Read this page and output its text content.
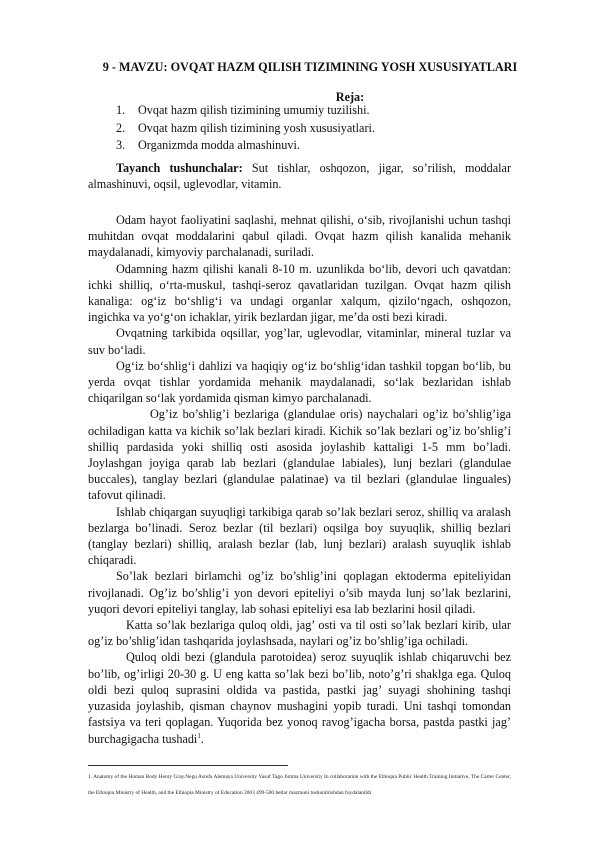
9 - MAVZU: OVQAT HAZM QILISH TIZIMINING YOSH XUSUSIYATLARI
Reja:
1. Ovqat hazm qilish tizimining umumiy tuzilishi.
2. Ovqat hazm qilish tizimining yosh xususiyatlari.
3. Organizmda modda almashinuvi.

Tayanch tushunchalar: Sut tishlar, oshqozon, jigar, so’rilish, moddalar almashinuvi, oqsil, uglevodlar, vitamin.

Odam hayot faoliyatini saqlashi, mehnat qilishi, o‘sib, rivojlanishi uchun tashqi muhitdan ovqat moddalarini qabul qiladi. Ovqat hazm qilish kanalida mehanik maydalanadi, kimyoviy parchalanadi, suriladi.

Odamning hazm qilishi kanali 8-10 m. uzunlikda bo‘lib, devori uch qavatdan: ichki shilliq, o‘rta-muskul, tashqi-seroz qavatlaridan tuzilgan. Ovqat hazm qilish kanaliga: og‘iz bo‘shlig‘i va undagi organlar xalqum, qizilo‘ngach, oshqozon, ingichka va yo‘g‘on ichaklar, yirik bezlardan jigar, me’da osti bezi kiradi.

Ovqatning tarkibida oqsillar, yog’lar, uglevodlar, vitaminlar, mineral tuzlar va suv bo‘ladi.

Og‘iz bo‘shlig‘i dahlizi va haqiqiy og‘iz bo‘shlig‘idan tashkil topgan bo‘lib, bu yerda ovqat tishlar yordamida mehanik maydalanadi, so‘lak bezlaridan ishlab chiqarilgan so‘lak yordamida qisman kimyo parchalanadi.

Og’iz bo’shlig’i bezlariga (glandulae oris) naychalari og’iz bo’shlig’iga ochiladigan katta va kichik so’lak bezlari kiradi. Kichik so’lak bezlari og’iz bo’shlig’i shilliq pardasida yoki shilliq osti asosida joylashib kattaligi 1-5 mm bo’ladi. Joylashgan joyiga qarab lab bezlari (glandulae labiales), lunj bezlari (glandulae buccales), tanglay bezlari (glandulae palatinae) va til bezlari (glandulae linguales) tafovut qilinadi.

Ishlab chiqargan suyuqligi tarkibiga qarab so’lak bezlari seroz, shilliq va aralash bezlarga bo’linadi. Seroz bezlar (til bezlari) oqsilga boy suyuqlik, shilliq bezlari (tanglay bezlari) shilliq, aralash bezlar (lab, lunj bezlari) aralash suyuqlik ishlab chiqaradi.

So’lak bezlari birlamchi og’iz bo’shlig’ini qoplagan ektoderma epiteliyidan rivojlanadi. Og’iz bo’shlig’i yon devori epiteliyi o’sib mayda lunj so’lak bezlarini, yuqori devori epiteliyi tanglay, lab sohasi epiteliyi esa lab bezlarini hosil qiladi.

Katta so’lak bezlariga quloq oldi, jag’ osti va til osti so’lak bezlari kirib, ular og’iz bo’shlig’idan tashqarida joylashsada, naylari og’iz bo’shlig’iga ochiladi.

Quloq oldi bezi (glandula parotoidea) seroz suyuqlik ishlab chiqaruvchi bez bo’lib, og’irligi 20-30 g. U eng katta so’lak bezi bo’lib, noto’g’ri shaklga ega. Quloq oldi bezi quloq suprasini oldida va pastida, pastki jag’ suyagi shohining tashqi yuzasida joylashib, qisman chaynov mushagini yopib turadi. Uni tashqi tomondan fastsiya va teri qoplagan. Yuqorida bez yonoq ravog’igacha borsa, pastda pastki jag’ burchagigacha tushadi$^1$.

1. Anatomy of the Human Body Henry Gray.Negu Asrefa Alemaya University Yusuf Tago Jimma University In collaboration with the Ethiopia Public Health Training Initiative, The Carter Center, the Ethiopia Ministry of Health, and the Ethiopia Ministry of Education 2003 499-500 betlar mazmuni tushuntirishdan foydalanildi
